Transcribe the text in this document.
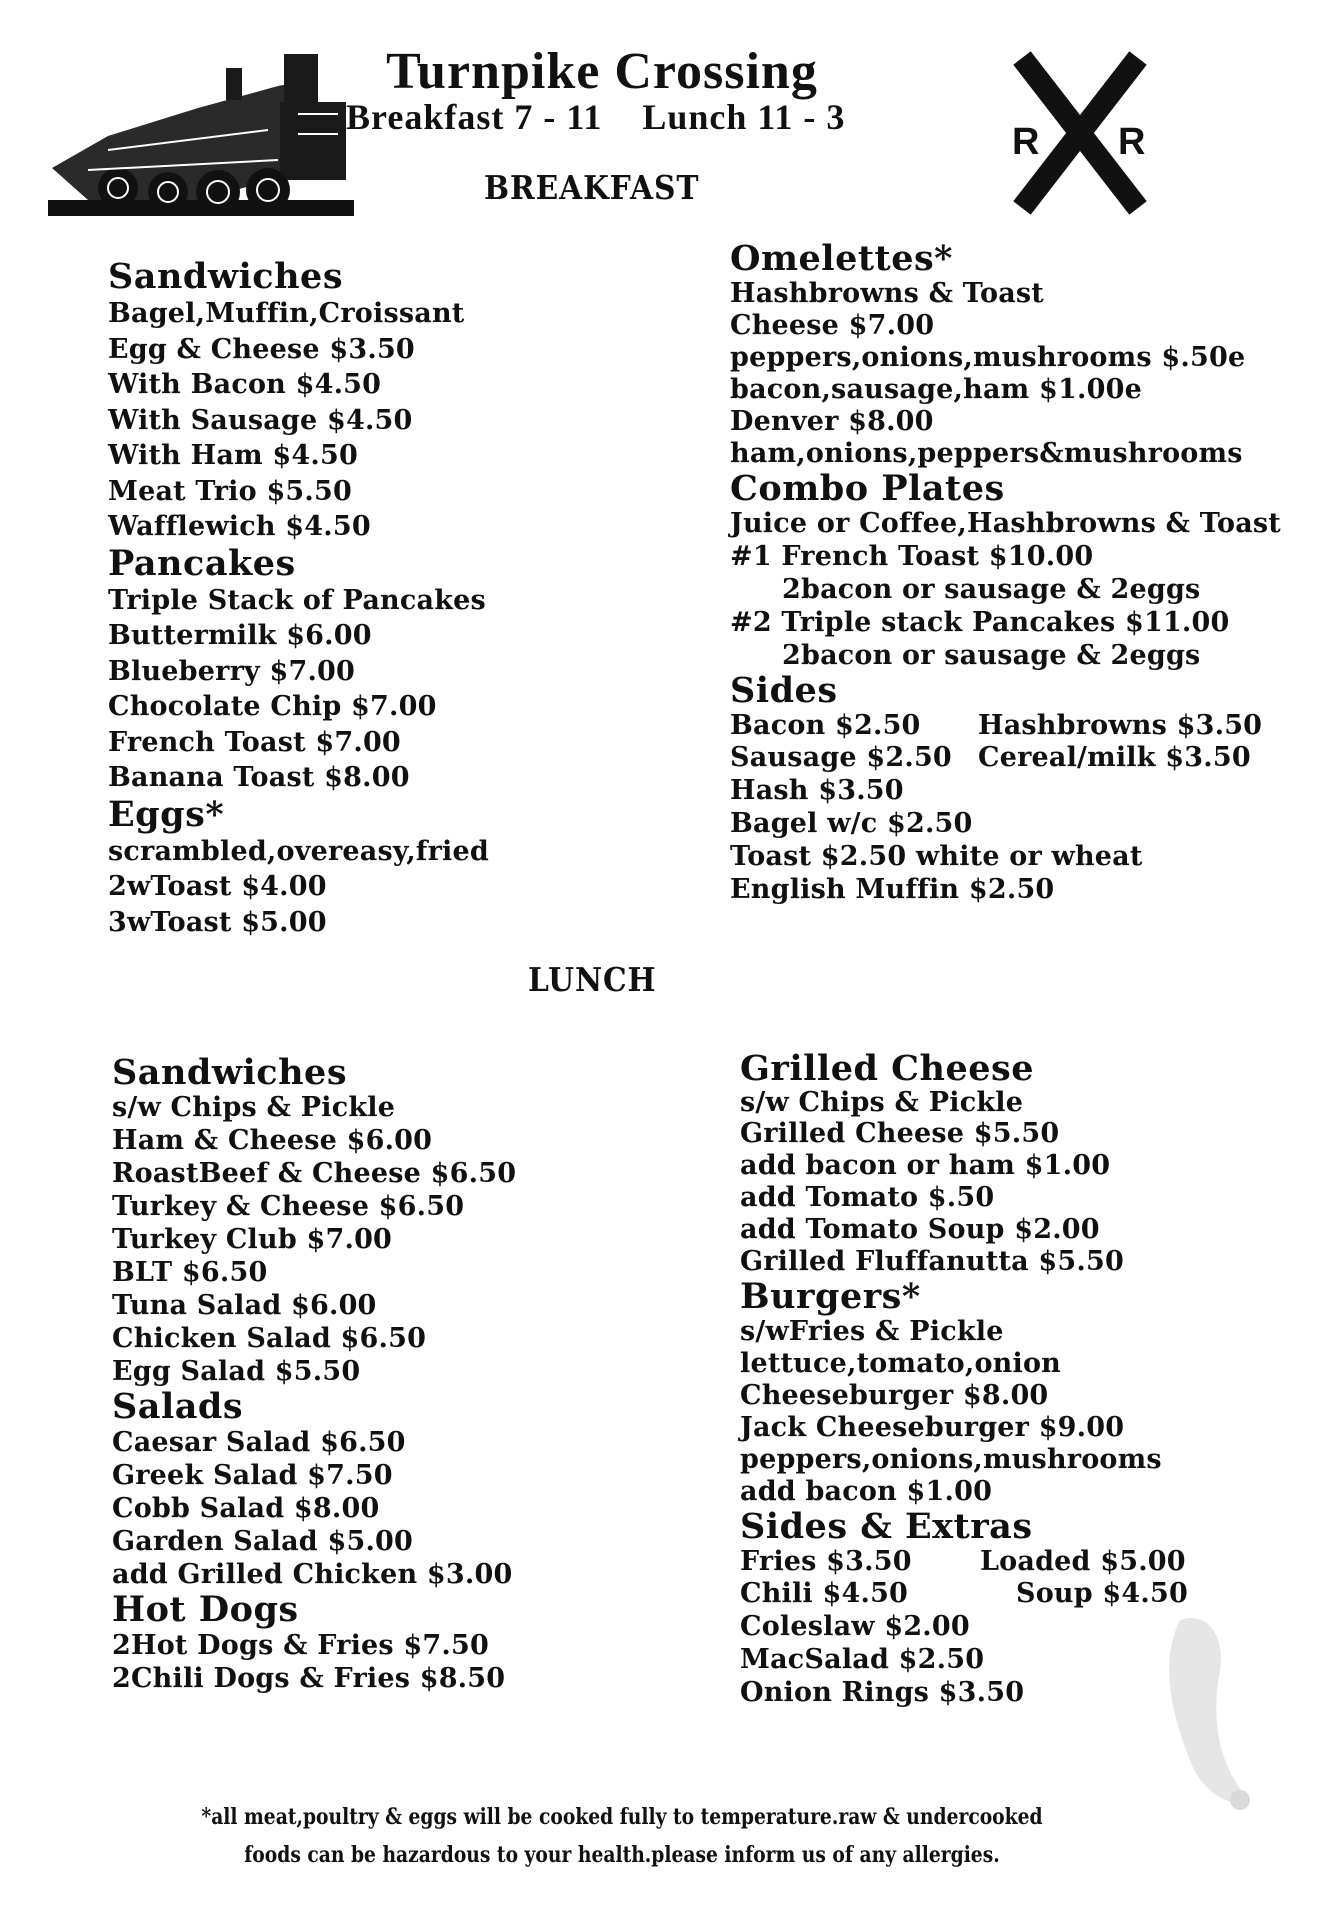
R R
Turnpike Crossing
Breakfast 7 - 11 Lunch 11 - 3
BREAKFAST
Sandwiches
Bagel,Muffin,Croissant
Egg & Cheese $3.50
With Bacon $4.50
With Sausage $4.50
With Ham $4.50
Meat Trio $5.50
Wafflewich $4.50
Pancakes
Triple Stack of Pancakes
Buttermilk $6.00
Blueberry $7.00
Chocolate Chip $7.00
French Toast $7.00
Banana Toast $8.00
Eggs*
scrambled,overeasy,fried
2wToast $4.00
3wToast $5.00
Omelettes*
Hashbrowns & Toast
Cheese $7.00
peppers,onions,mushrooms $.50e
bacon,sausage,ham $1.00e
Denver $8.00
ham,onions,peppers&mushrooms
Combo Plates
Juice or Coffee,Hashbrowns & Toast
#1 French Toast $10.00
2bacon or sausage & 2eggs
#2 Triple stack Pancakes $11.00
2bacon or sausage & 2eggs
Sides
Bacon $2.50	Hashbrowns $3.50
Sausage $2.50 Cereal/milk $3.50
Hash $3.50
Bagel w/c $2.50
Toast $2.50 white or wheat
English Muffin $2.50
LUNCH
Sandwiches
s/w Chips & Pickle
Ham & Cheese $6.00
RoastBeef & Cheese $6.50
Turkey & Cheese $6.50
Turkey Club $7.00
BLT $6.50
Tuna Salad $6.00
Chicken Salad $6.50
Egg Salad $5.50
Salads
Caesar Salad $6.50
Greek Salad $7.50
Cobb Salad $8.00
Garden Salad $5.00
add Grilled Chicken $3.00
Hot Dogs
2Hot Dogs & Fries $7.50
2Chili Dogs & Fries $8.50
Grilled Cheese
s/w Chips & Pickle
Grilled Cheese $5.50
add bacon or ham $1.00
add Tomato $.50
add Tomato Soup $2.00
Grilled Fluffanutta $5.50
Burgers*
s/wFries & Pickle
lettuce,tomato,onion
Cheeseburger $8.00
Jack Cheeseburger $9.00
peppers,onions,mushrooms
add bacon $1.00
Sides & Extras
Fries $3.50	Loaded $5.00
Chili $4.50	Soup $4.50
Coleslaw $2.00
MacSalad $2.50
Onion Rings $3.50
*all meat,poultry & eggs will be cooked fully to temperature.raw & undercooked
foods can be hazardous to your health.please inform us of any allergies.
